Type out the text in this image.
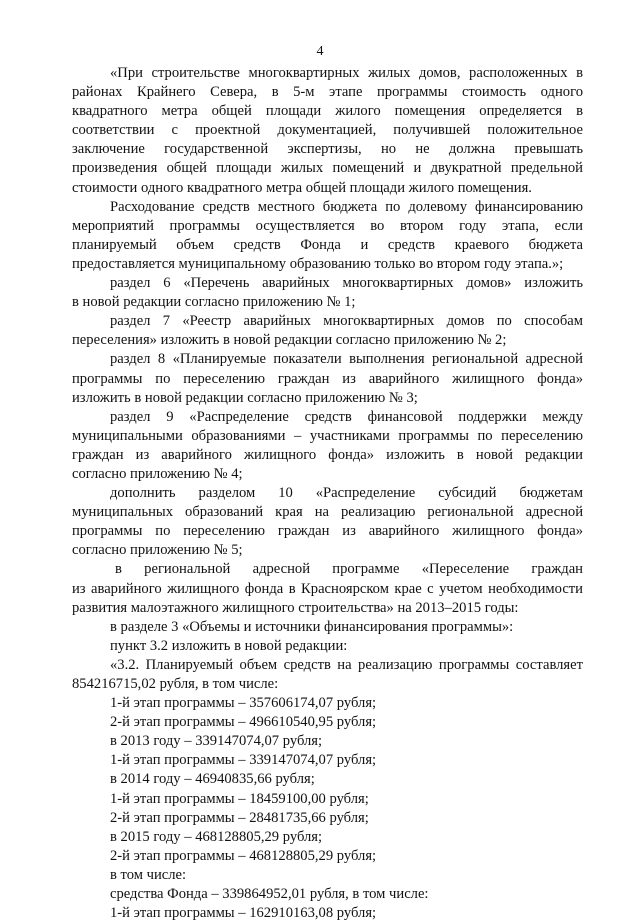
4
«При строительстве многоквартирных жилых домов, расположенных в
районах Крайнего Севера, в 5-м этапе программы стоимость одного
квадратного метра общей площади жилого помещения определяется в
соответствии с проектной документацией, получившей положительное
заключение государственной экспертизы, но не должна превышать
произведения общей площади жилых помещений и двукратной предельной
стоимости одного квадратного метра общей площади жилого помещения.
Расходование средств местного бюджета по долевому финансированию
мероприятий программы осуществляется во втором году этапа, если
планируемый объем средств Фонда и средств краевого бюджета
предоставляется муниципальному образованию только во втором году этапа.»;
раздел 6 «Перечень аварийных многоквартирных домов» изложить
в новой редакции согласно приложению № 1;
раздел 7 «Реестр аварийных многоквартирных домов по способам
переселения» изложить в новой редакции согласно приложению № 2;
раздел 8 «Планируемые показатели выполнения региональной адресной
программы по переселению граждан из аварийного жилищного фонда»
изложить в новой редакции согласно приложению № 3;
раздел 9 «Распределение средств финансовой поддержки между
муниципальными образованиями – участниками программы по переселению
граждан из аварийного жилищного фонда» изложить в новой редакции
согласно приложению № 4;
дополнить разделом 10 «Распределение субсидий бюджетам
муниципальных образований края на реализацию региональной адресной
программы по переселению граждан из аварийного жилищного фонда»
согласно приложению № 5;
в региональной адресной программе «Переселение граждан
из аварийного жилищного фонда в Красноярском крае с учетом необходимости
развития малоэтажного жилищного строительства» на 2013–2015 годы:
в разделе 3 «Объемы и источники финансирования программы»:
пункт 3.2 изложить в новой редакции:
«3.2. Планируемый объем средств на реализацию программы составляет
854216715,02 рубля, в том числе:
1-й этап программы – 357606174,07 рубля;
2-й этап программы – 496610540,95 рубля;
в 2013 году – 339147074,07 рубля;
1-й этап программы – 339147074,07 рубля;
в 2014 году – 46940835,66 рубля;
1-й этап программы – 18459100,00 рубля;
2-й этап программы – 28481735,66 рубля;
в 2015 году – 468128805,29 рубля;
2-й этап программы – 468128805,29 рубля;
в том числе:
средства Фонда – 339864952,01 рубля, в том числе:
1-й этап программы – 162910163,08 рубля;
